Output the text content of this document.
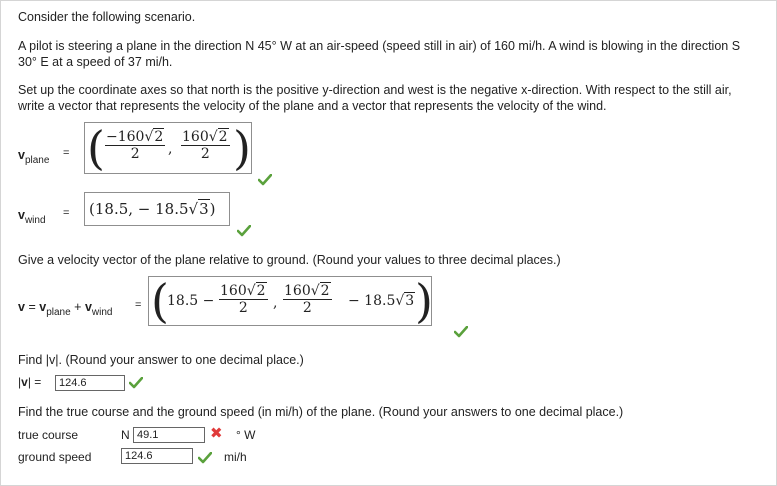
Consider the following scenario.
A pilot is steering a plane in the direction N 45° W at an air-speed (speed still in air) of 160 mi/h. A wind is blowing in the direction S 30° E at a speed of 37 mi/h.
Set up the coordinate axes so that north is the positive y-direction and west is the negative x-direction. With respect to the still air, write a vector that represents the velocity of the plane and a vector that represents the velocity of the wind.
$v_{plane}$
= ( −160√2
2 ,
160√2
2 )
$v_{wind}$
= (18.5, − 18.5√3)
Give a velocity vector of the plane relative to ground. (Round your values to three decimal places.)
$v = v_{plane} + v_{wind}$
= (
18.5 −
160√2
2 ,
160√2
2	− 18.5√3 )
Find |v|. (Round your answer to one decimal place.)
|v| =	124.6
Find the true course and the ground speed (in mi/h) of the plane. (Round your answers to one decimal place.)
true course	N 49.1	✖ ° W
ground speed	124.6	mi/h
